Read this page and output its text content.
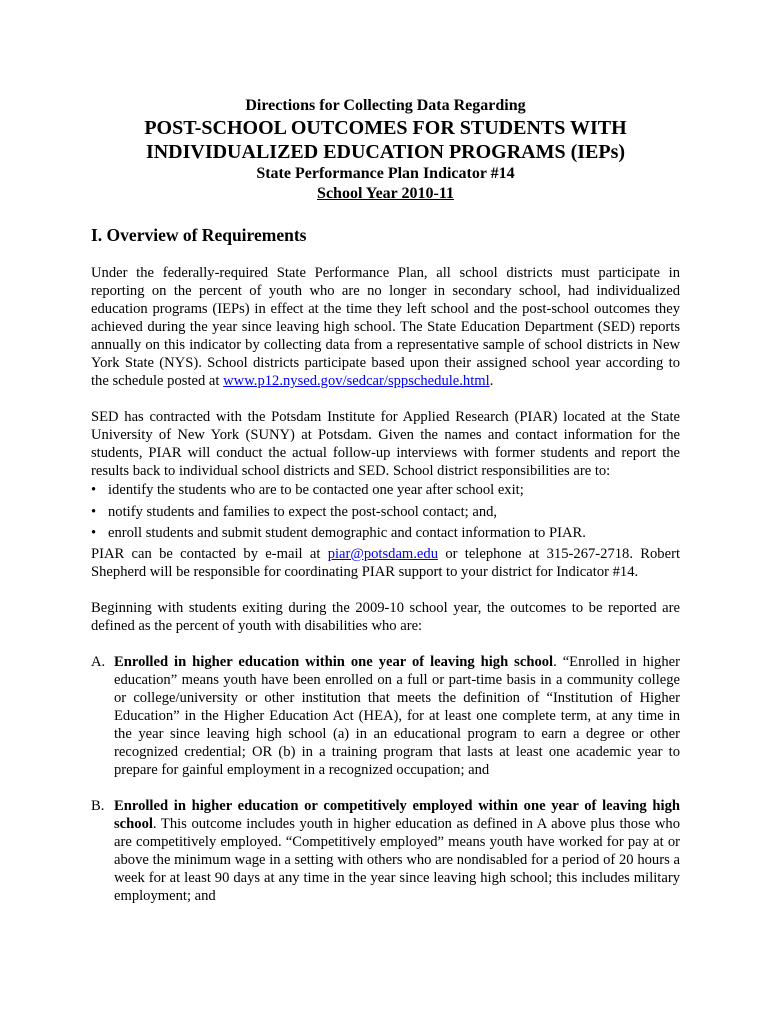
Directions for Collecting Data Regarding
POST-SCHOOL OUTCOMES FOR STUDENTS WITH
INDIVIDUALIZED EDUCATION PROGRAMS (IEPs)
State Performance Plan Indicator #14
School Year 2010-11
I. Overview of Requirements

Under the federally-required State Performance Plan, all school districts must participate in reporting on the percent of youth who are no longer in secondary school, had individualized education programs (IEPs) in effect at the time they left school and the post-school outcomes they achieved during the year since leaving high school. The State Education Department (SED) reports annually on this indicator by collecting data from a representative sample of school districts in New York State (NYS). School districts participate based upon their assigned school year according to the schedule posted at www.p12.nysed.gov/sedcar/sppschedule.html.

SED has contracted with the Potsdam Institute for Applied Research (PIAR) located at the State University of New York (SUNY) at Potsdam. Given the names and contact information for the students, PIAR will conduct the actual follow-up interviews with former students and report the results back to individual school districts and SED. School district responsibilities are to:

• identify the students who are to be contacted one year after school exit;
• notify students and families to expect the post-school contact; and,
• enroll students and submit student demographic and contact information to PIAR.

PIAR can be contacted by e-mail at piar@potsdam.edu or telephone at 315-267-2718. Robert Shepherd will be responsible for coordinating PIAR support to your district for Indicator #14.

Beginning with students exiting during the 2009-10 school year, the outcomes to be reported are defined as the percent of youth with disabilities who are:

A. Enrolled in higher education within one year of leaving high school. “Enrolled in higher education” means youth have been enrolled on a full or part-time basis in a community college or college/university or other institution that meets the definition of “Institution of Higher Education” in the Higher Education Act (HEA), for at least one complete term, at any time in the year since leaving high school (a) in an educational program to earn a degree or other recognized credential; OR (b) in a training program that lasts at least one academic year to prepare for gainful employment in a recognized occupation; and
B. Enrolled in higher education or competitively employed within one year of leaving high school. This outcome includes youth in higher education as defined in A above plus those who are competitively employed. “Competitively employed” means youth have worked for pay at or above the minimum wage in a setting with others who are nondisabled for a period of 20 hours a week for at least 90 days at any time in the year since leaving high school; this includes military employment; and
